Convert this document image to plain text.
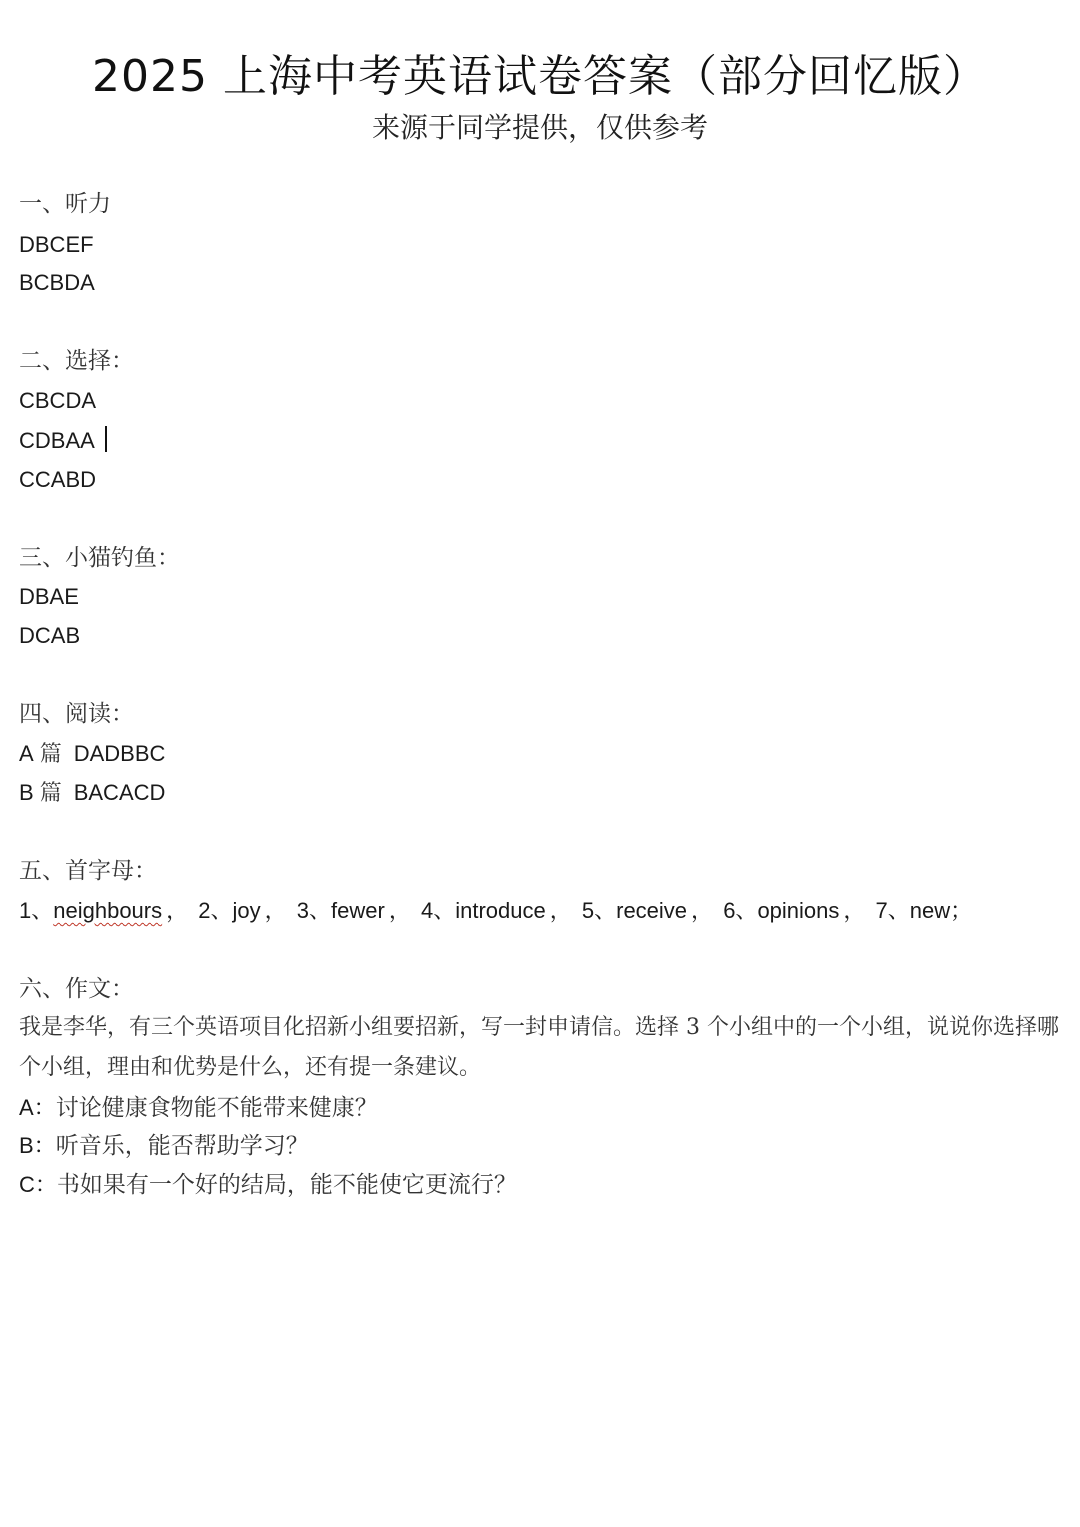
2025 上海中考英语试卷答案（部分回忆版）
来源于同学提供，仅供参考
一、听力
DBCEF
BCBDA
二、选择：
CBCDA
CDBAA
CCABD
三、小猫钓鱼：
DBAE
DCAB
四、阅读：
A 篇 DADBBC
B 篇 BACACD
五、首字母：
1、neighbours ， 2、joy ， 3、fewer ， 4、introduce ， 5、receive ， 6、opinions ， 7、new；
六、作文：
我是李华，有三个英语项目化招新小组要招新，写一封申请信。选择 3 个小组中的一个小组，说说你选择哪个小组，理由和优势是什么，还有提一条建议。
A：讨论健康食物能不能带来健康？
B：听音乐，能否帮助学习？
C：书如果有一个好的结局，能不能使它更流行？
